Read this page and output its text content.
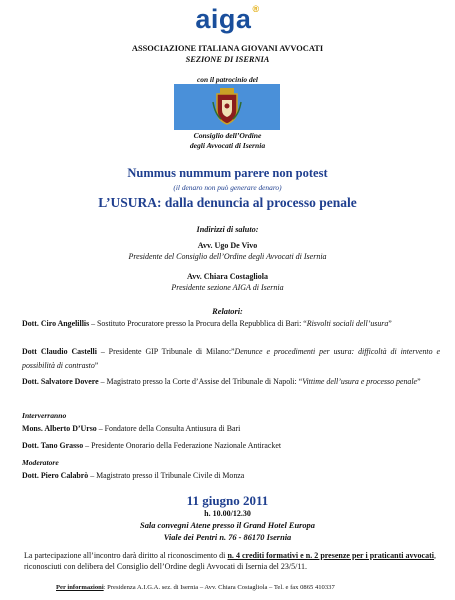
aiga®
ASSOCIAZIONE ITALIANA GIOVANI AVVOCATI
SEZIONE DI ISERNIA
con il patrocinio del
Consiglio dell’Ordine
degli Avvocati di Isernia
Nummus nummum parere non potest
(il denaro non può generare denaro)
L’USURA: dalla denuncia al processo penale
Indirizzi di saluto:
Avv. Ugo De Vivo
Presidente del Consiglio dell’Ordine degli Avvocati di Isernia
Avv. Chiara Costagliola
Presidente sezione AIGA di Isernia
Relatori:
Dott. Ciro Angelillis – Sostituto Procuratore presso la Procura della Repubblica di Bari: “Risvolti sociali dell’usura”
Dott Claudio Castelli – Presidente GIP Tribunale di Milano:”Denunce e procedimenti per usura: difficoltà di intervento e possibilità di contrasto”
Dott. Salvatore Dovere – Magistrato presso la Corte d’Assise del Tribunale di Napoli: “Vittime dell’usura e processo penale”
Interverranno
Mons. Alberto D’Urso – Fondatore della Consulta Antiusura di Bari
Dott. Tano Grasso – Presidente Onorario della Federazione Nazionale Antiracket
Moderatore
Dott. Piero Calabrò – Magistrato presso il Tribunale Civile di Monza
11 giugno 2011
h. 10.00/12.30
Sala convegni Atene presso il Grand Hotel Europa
Viale dei Pentri n. 76 - 86170 Isernia
La partecipazione all’incontro darà diritto al riconoscimento di n. 4 crediti formativi e n. 2 presenze per i praticanti avvocati, riconosciuti con delibera del Consiglio dell’Ordine degli Avvocati di Isernia del 23/5/11.
Per informazioni: Presidenza A.I.G.A. sez. di Isernia – Avv. Chiara Costagliola – Tel. e fax 0865 410337
